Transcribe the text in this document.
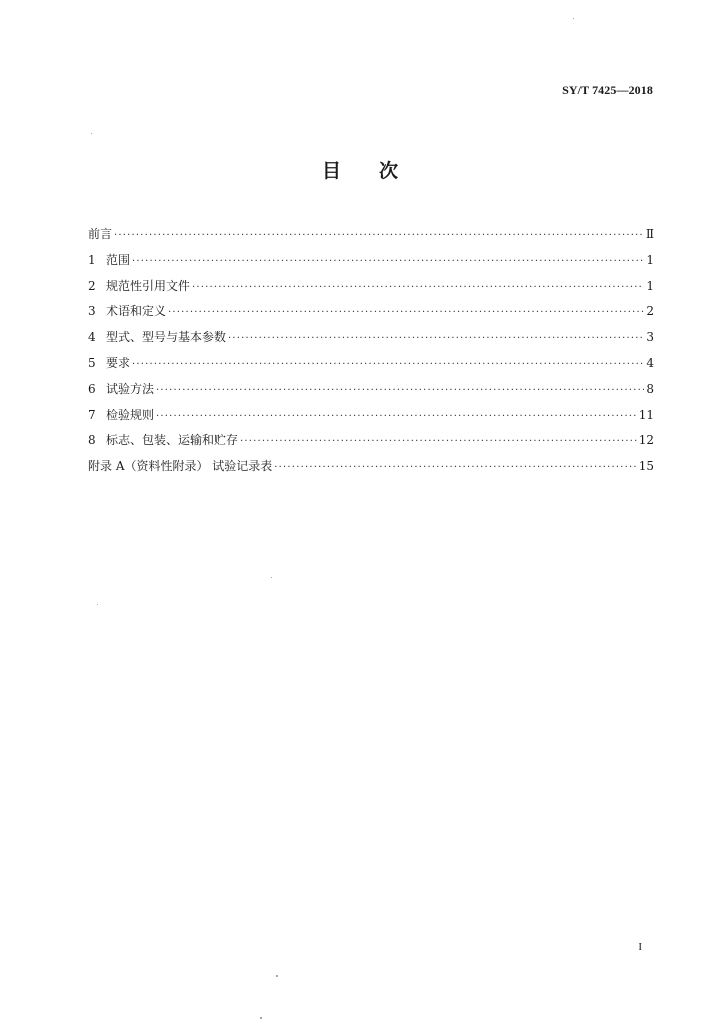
SY/T 7425—2018
目 次
前言 ·····	Ⅱ
1 范围 ·····	1
2 规范性引用文件 ·····	1
3 术语和定义 ·····	2
4 型式、型号与基本参数 ·····	3
5 要求 ·····	4
6 试验方法 ·····	8
7 检验规则 ·····	11
8 标志、包装、运输和贮存 ·····	12
附录 A（资料性附录） 试验记录表 ·····	15
I
